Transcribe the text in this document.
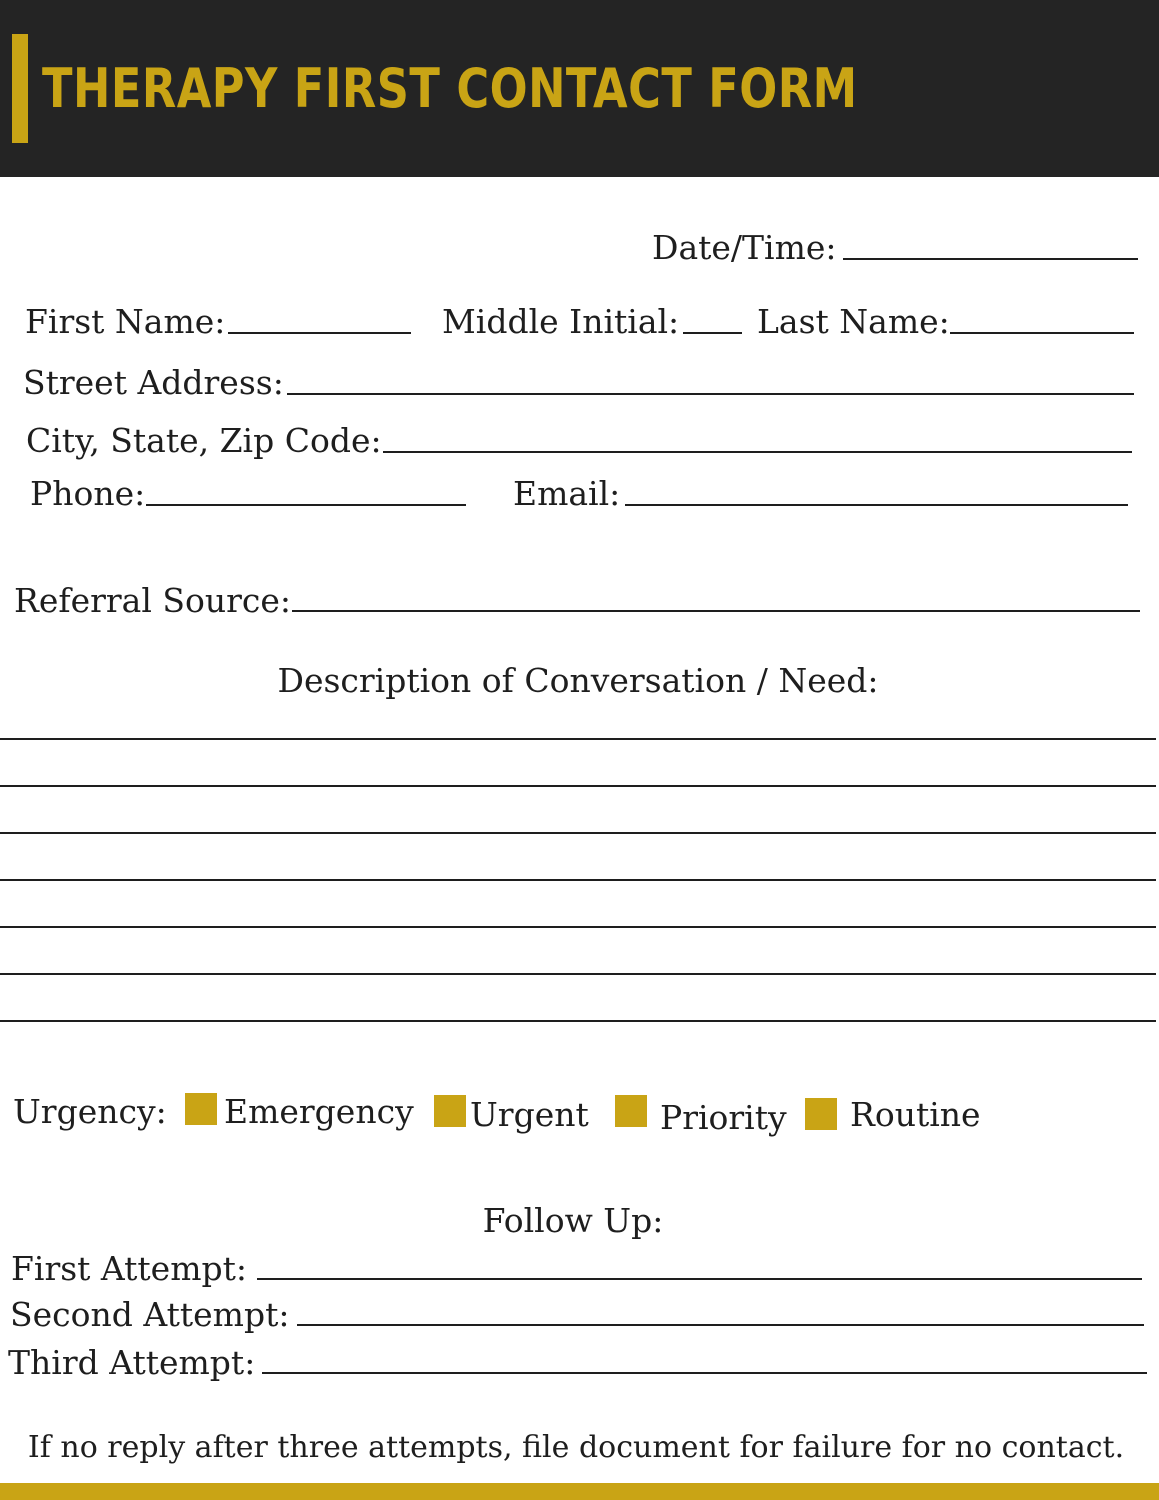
THERAPY FIRST CONTACT FORM
Date/Time:
First Name:	Middle Initial: Last Name:
Street Address:
City, State, Zip Code:
Phone:	Email:
Referral Source:
Description of Conversation / Need:
Urgency: Emergency Urgent Priority Routine
Follow Up:
First Attempt:
Second Attempt:
Third Attempt:
If no reply after three attempts, file document for failure for no contact.
